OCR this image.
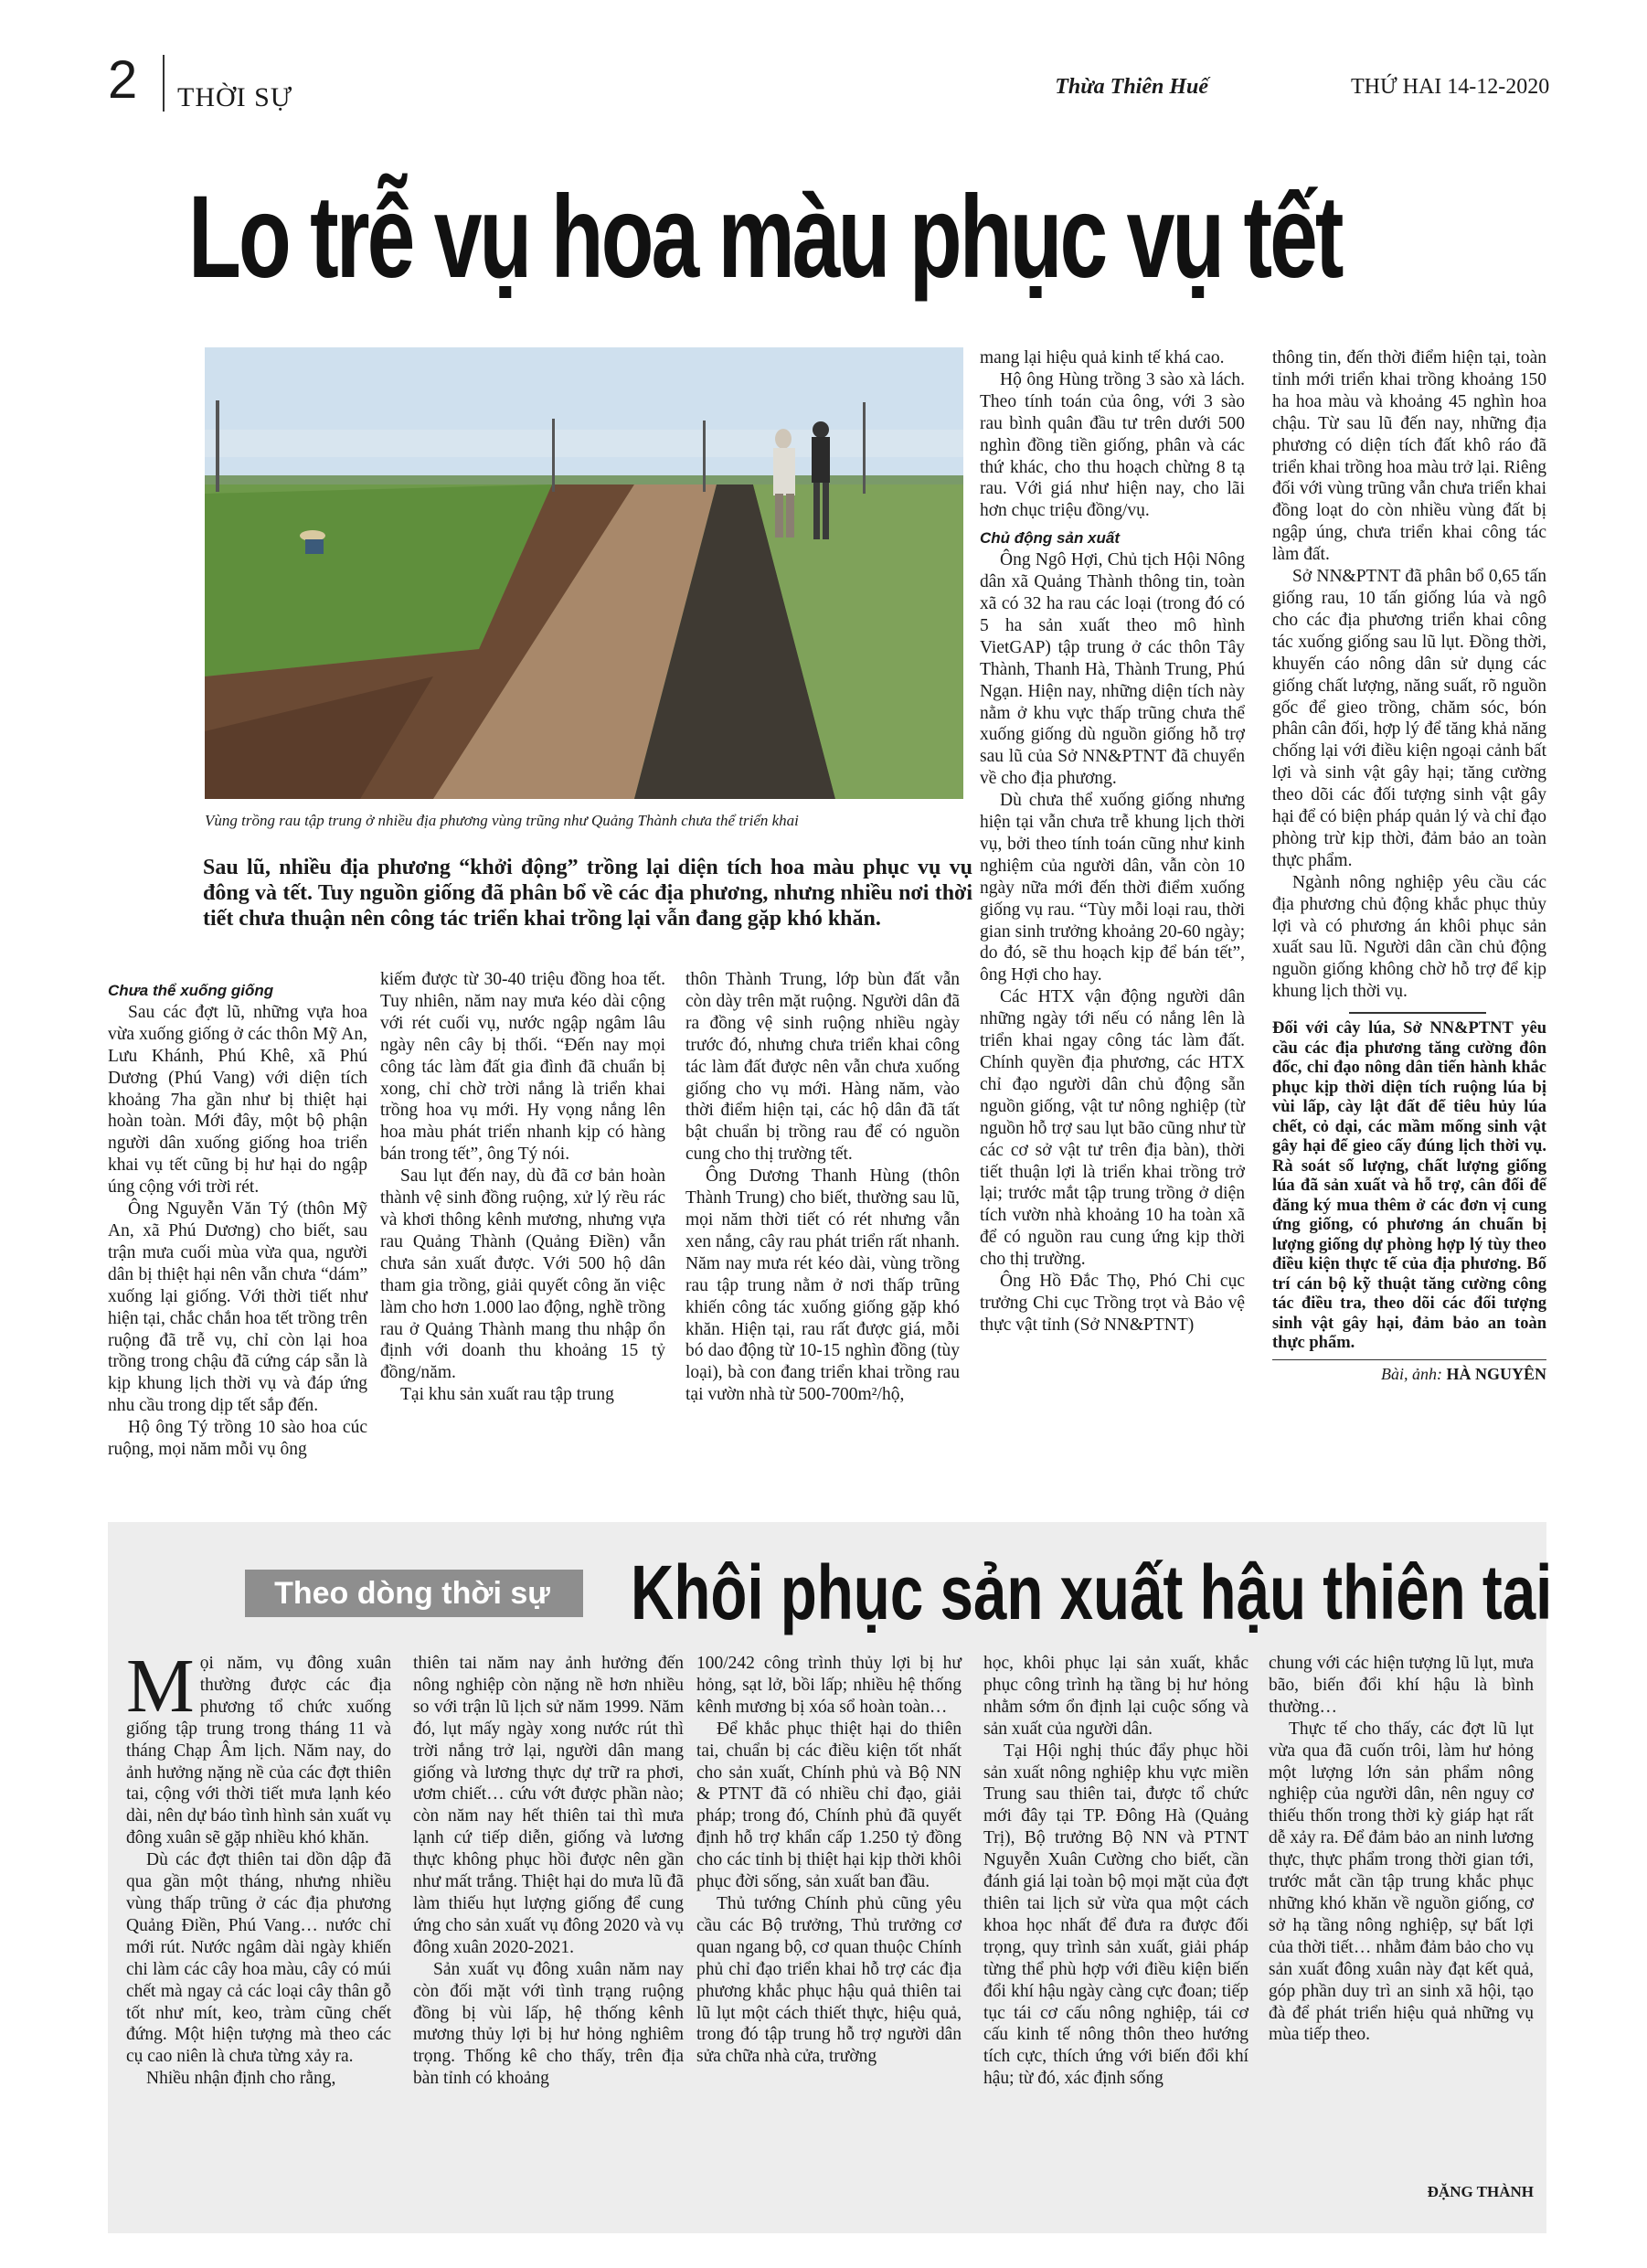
2 THỜI SỰ	Thừa Thiên Huế	THỨ HAI 14-12-2020
Lo trễ vụ hoa màu phục vụ tết
Vùng trồng rau tập trung ở nhiều địa phương vùng trũng như Quảng Thành chưa thể triển khai
Sau lũ, nhiều địa phương “khởi động” trồng lại diện tích hoa màu phục vụ vụ đông và tết. Tuy nguồn giống đã phân bổ về các địa phương, nhưng nhiều nơi thời tiết chưa thuận nên công tác triển khai trồng lại vẫn đang gặp khó khăn.

Chưa thể xuống giống

Sau các đợt lũ, những vựa hoa vừa xuống giống ở các thôn Mỹ An, Lưu Khánh, Phú Khê, xã Phú Dương (Phú Vang) với diện tích khoảng 7ha gần như bị thiệt hại hoàn toàn. Mới đây, một bộ phận người dân xuống giống hoa triển khai vụ tết cũng bị hư hại do ngập úng cộng với trời rét.

Ông Nguyễn Văn Tý (thôn Mỹ An, xã Phú Dương) cho biết, sau trận mưa cuối mùa vừa qua, người dân bị thiệt hại nên vẫn chưa “dám” xuống lại giống. Với thời tiết như hiện tại, chắc chắn hoa tết trồng trên ruộng đã trễ vụ, chỉ còn lại hoa trồng trong chậu đã cứng cáp sẵn là kịp khung lịch thời vụ và đáp ứng nhu cầu trong dịp tết sắp đến.

Hộ ông Tý trồng 10 sào hoa cúc ruộng, mọi năm mỗi vụ ông

kiếm được từ 30-40 triệu đồng hoa tết. Tuy nhiên, năm nay mưa kéo dài cộng với rét cuối vụ, nước ngập ngâm lâu ngày nên cây bị thối. “Đến nay mọi công tác làm đất gia đình đã chuẩn bị xong, chỉ chờ trời nắng là triển khai trồng hoa vụ mới. Hy vọng nắng lên hoa màu phát triển nhanh kịp có hàng bán trong tết”, ông Tý nói.

Sau lụt đến nay, dù đã cơ bản hoàn thành vệ sinh đồng ruộng, xử lý rều rác và khơi thông kênh mương, nhưng vựa rau Quảng Thành (Quảng Điền) vẫn chưa sản xuất được. Với 500 hộ dân tham gia trồng, giải quyết công ăn việc làm cho hơn 1.000 lao động, nghề trồng rau ở Quảng Thành mang thu nhập ổn định với doanh thu khoảng 15 tỷ đồng/năm.

Tại khu sản xuất rau tập trung

thôn Thành Trung, lớp bùn đất vẫn còn dày trên mặt ruộng. Người dân đã ra đồng vệ sinh ruộng nhiều ngày trước đó, nhưng chưa triển khai công tác làm đất được nên vẫn chưa xuống giống cho vụ mới. Hàng năm, vào thời điểm hiện tại, các hộ dân đã tất bật chuẩn bị trồng rau để có nguồn cung cho thị trường tết.

Ông Dương Thanh Hùng (thôn Thành Trung) cho biết, thường sau lũ, mọi năm thời tiết có rét nhưng vẫn xen nắng, cây rau phát triển rất nhanh. Năm nay mưa rét kéo dài, vùng trồng rau tập trung nằm ở nơi thấp trũng khiến công tác xuống giống gặp khó khăn. Hiện tại, rau rất được giá, mỗi bó dao động từ 10-15 nghìn đồng (tùy loại), bà con đang triển khai trồng rau tại vườn nhà từ 500-700m²/hộ,

mang lại hiệu quả kinh tế khá cao.

Hộ ông Hùng trồng 3 sào xà lách. Theo tính toán của ông, với 3 sào rau bình quân đầu tư trên dưới 500 nghìn đồng tiền giống, phân và các thứ khác, cho thu hoạch chừng 8 tạ rau. Với giá như hiện nay, cho lãi hơn chục triệu đồng/vụ.

Chủ động sản xuất

Ông Ngô Hợi, Chủ tịch Hội Nông dân xã Quảng Thành thông tin, toàn xã có 32 ha rau các loại (trong đó có 5 ha sản xuất theo mô hình VietGAP) tập trung ở các thôn Tây Thành, Thanh Hà, Thành Trung, Phú Ngạn. Hiện nay, những diện tích này nằm ở khu vực thấp trũng chưa thể xuống giống dù nguồn giống hỗ trợ sau lũ của Sở NN&PTNT đã chuyển về cho địa phương.

Dù chưa thể xuống giống nhưng hiện tại vẫn chưa trễ khung lịch thời vụ, bởi theo tính toán cũng như kinh nghiệm của người dân, vẫn còn 10 ngày nữa mới đến thời điểm xuống giống vụ rau. “Tùy mỗi loại rau, thời gian sinh trưởng khoảng 20-60 ngày; do đó, sẽ thu hoạch kịp để bán tết”, ông Hợi cho hay.

Các HTX vận động người dân những ngày tới nếu có nắng lên là triển khai ngay công tác làm đất. Chính quyền địa phương, các HTX chỉ đạo người dân chủ động sẵn nguồn giống, vật tư nông nghiệp (từ nguồn hỗ trợ sau lụt bão cũng như từ các cơ sở vật tư trên địa bàn), thời tiết thuận lợi là triển khai trồng trở lại; trước mắt tập trung trồng ở diện tích vườn nhà khoảng 10 ha toàn xã để có nguồn rau cung ứng kịp thời cho thị trường.

Ông Hồ Đắc Thọ, Phó Chi cục trưởng Chi cục Trồng trọt và Bảo vệ thực vật tỉnh (Sở NN&PTNT)

thông tin, đến thời điểm hiện tại, toàn tỉnh mới triển khai trồng khoảng 150 ha hoa màu và khoảng 45 nghìn hoa chậu. Từ sau lũ đến nay, những địa phương có diện tích đất khô ráo đã triển khai trồng hoa màu trở lại. Riêng đối với vùng trũng vẫn chưa triển khai đồng loạt do còn nhiều vùng đất bị ngập úng, chưa triển khai công tác làm đất.

Sở NN&PTNT đã phân bổ 0,65 tấn giống rau, 10 tấn giống lúa và ngô cho các địa phương triển khai công tác xuống giống sau lũ lụt. Đồng thời, khuyến cáo nông dân sử dụng các giống chất lượng, năng suất, rõ nguồn gốc để gieo trồng, chăm sóc, bón phân cân đối, hợp lý để tăng khả năng chống lại với điều kiện ngoại cảnh bất lợi và sinh vật gây hại; tăng cường theo dõi các đối tượng sinh vật gây hại để có biện pháp quản lý và chỉ đạo phòng trừ kịp thời, đảm bảo an toàn thực phẩm.

Ngành nông nghiệp yêu cầu các địa phương chủ động khắc phục thủy lợi và có phương án khôi phục sản xuất sau lũ. Người dân cần chủ động nguồn giống không chờ hỗ trợ để kịp khung lịch thời vụ.

Đối với cây lúa, Sở NN&PTNT yêu cầu các địa phương tăng cường đôn đốc, chỉ đạo nông dân tiến hành khắc phục kịp thời diện tích ruộng lúa bị vùi lấp, cày lật đất để tiêu hủy lúa chết, cỏ dại, các mầm mống sinh vật gây hại để gieo cấy đúng lịch thời vụ. Rà soát số lượng, chất lượng giống lúa đã sản xuất và hỗ trợ, cân đối để đăng ký mua thêm ở các đơn vị cung ứng giống, có phương án chuẩn bị lượng giống dự phòng hợp lý tùy theo điều kiện thực tế của địa phương. Bố trí cán bộ kỹ thuật tăng cường công tác điều tra, theo dõi các đối tượng sinh vật gây hại, đảm bảo an toàn thực phẩm.

Bài, ảnh: HÀ NGUYÊN
Theo dòng thời sự	Khôi phục sản xuất hậu thiên tai

Mọi năm, vụ đông xuân thường được các địa phương tổ chức xuống giống tập trung trong tháng 11 và tháng Chạp Âm lịch. Năm nay, do ảnh hưởng nặng nề của các đợt thiên tai, cộng với thời tiết mưa lạnh kéo dài, nên dự báo tình hình sản xuất vụ đông xuân sẽ gặp nhiều khó khăn.

Dù các đợt thiên tai dồn dập đã qua gần một tháng, nhưng nhiều vùng thấp trũng ở các địa phương Quảng Điền, Phú Vang… nước chỉ mới rút. Nước ngâm dài ngày khiến chi làm các cây hoa màu, cây có múi chết mà ngay cả các loại cây thân gỗ tốt như mít, keo, tràm cũng chết đứng. Một hiện tượng mà theo các cụ cao niên là chưa từng xảy ra.

Nhiều nhận định cho rằng,

thiên tai năm nay ảnh hưởng đến nông nghiệp còn nặng nề hơn nhiều so với trận lũ lịch sử năm 1999. Năm đó, lụt mấy ngày xong nước rút thì trời nắng trở lại, người dân mang giống và lương thực dự trữ ra phơi, ươm chiết… cứu vớt được phần nào; còn năm nay hết thiên tai thì mưa lạnh cứ tiếp diễn, giống và lương thực không phục hồi được nên gần như mất trắng. Thiệt hại do mưa lũ đã làm thiếu hụt lượng giống để cung ứng cho sản xuất vụ đông 2020 và vụ đông xuân 2020-2021.

Sản xuất vụ đông xuân năm nay còn đối mặt với tình trạng ruộng đồng bị vùi lấp, hệ thống kênh mương thủy lợi bị hư hỏng nghiêm trọng. Thống kê cho thấy, trên địa bàn tỉnh có khoảng

100/242 công trình thủy lợi bị hư hỏng, sạt lở, bồi lấp; nhiều hệ thống kênh mương bị xóa sổ hoàn toàn…

Để khắc phục thiệt hại do thiên tai, chuẩn bị các điều kiện tốt nhất cho sản xuất, Chính phủ và Bộ NN & PTNT đã có nhiều chỉ đạo, giải pháp; trong đó, Chính phủ đã quyết định hỗ trợ khẩn cấp 1.250 tỷ đồng cho các tỉnh bị thiệt hại kịp thời khôi phục đời sống, sản xuất ban đầu.

Thủ tướng Chính phủ cũng yêu cầu các Bộ trưởng, Thủ trưởng cơ quan ngang bộ, cơ quan thuộc Chính phủ chỉ đạo triển khai hỗ trợ các địa phương khắc phục hậu quả thiên tai lũ lụt một cách thiết thực, hiệu quả, trong đó tập trung hỗ trợ người dân sửa chữa nhà cửa, trường

học, khôi phục lại sản xuất, khắc phục công trình hạ tầng bị hư hỏng nhằm sớm ổn định lại cuộc sống và sản xuất của người dân.

Tại Hội nghị thúc đẩy phục hồi sản xuất nông nghiệp khu vực miền Trung sau thiên tai, được tổ chức mới đây tại TP. Đông Hà (Quảng Trị), Bộ trưởng Bộ NN và PTNT Nguyễn Xuân Cường cho biết, cần đánh giá lại toàn bộ mọi mặt của đợt thiên tai lịch sử vừa qua một cách khoa học nhất để đưa ra được đối trọng, quy trình sản xuất, giải pháp từng thể phù hợp với điều kiện biến đổi khí hậu ngày càng cực đoan; tiếp tục tái cơ cấu nông nghiệp, tái cơ cấu kinh tế nông thôn theo hướng tích cực, thích ứng với biến đổi khí hậu; từ đó, xác định sống

chung với các hiện tượng lũ lụt, mưa bão, biến đổi khí hậu là bình thường…

Thực tế cho thấy, các đợt lũ lụt vừa qua đã cuốn trôi, làm hư hỏng một lượng lớn sản phẩm nông nghiệp của người dân, nên nguy cơ thiếu thốn trong thời kỳ giáp hạt rất dễ xảy ra. Để đảm bảo an ninh lương thực, thực phẩm trong thời gian tới, trước mắt cần tập trung khắc phục những khó khăn về nguồn giống, cơ sở hạ tầng nông nghiệp, sự bất lợi của thời tiết… nhằm đảm bảo cho vụ sản xuất đông xuân này đạt kết quả, góp phần duy trì an sinh xã hội, tạo đà để phát triển hiệu quả những vụ mùa tiếp theo.

ĐẶNG THÀNH
